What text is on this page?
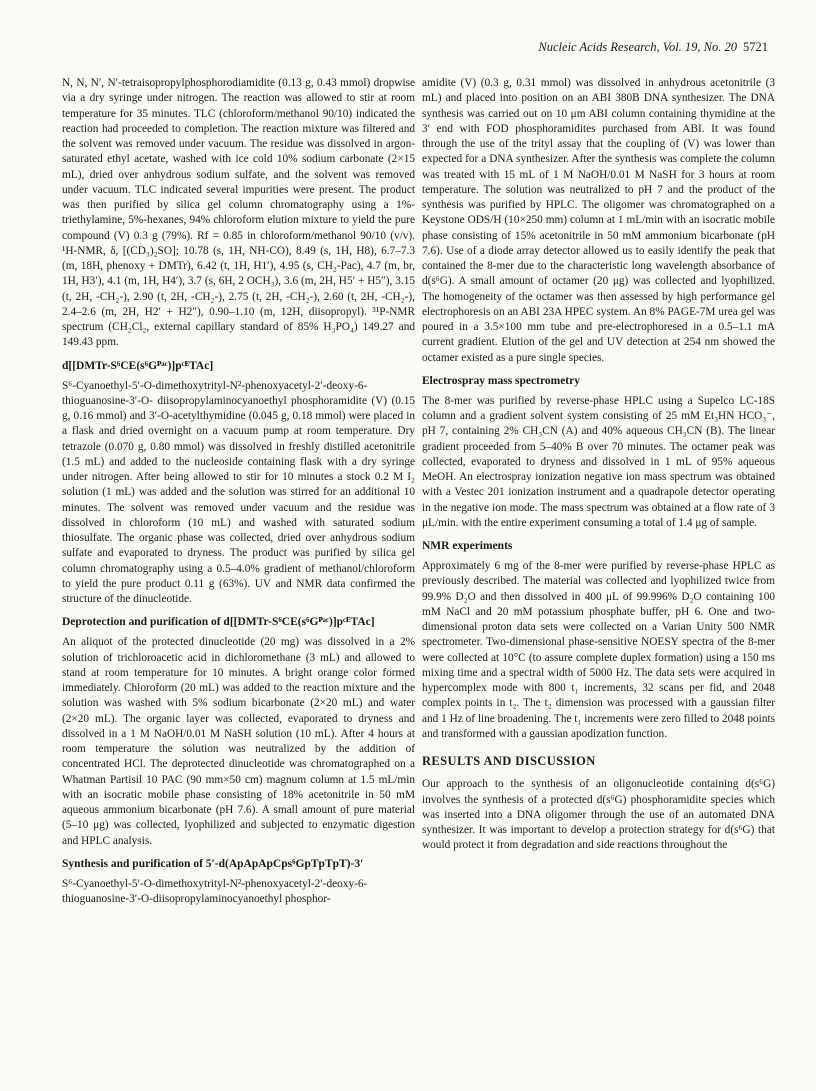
Nucleic Acids Research, Vol. 19, No. 20 5721

N, N, N′, N′-tetraisopropylphosphorodiamidite (0.13 g, 0.43 mmol) dropwise via a dry syringe under nitrogen. The reaction was allowed to stir at room temperature for 35 minutes. TLC (chloroform/methanol 90/10) indicated the reaction had proceeded to completion. The reaction mixture was filtered and the solvent was removed under vacuum. The residue was dissolved in argon-saturated ethyl acetate, washed with ice cold 10% sodium carbonate (2×15 mL), dried over anhydrous sodium sulfate, and the solvent was removed under vacuum. TLC indicated several impurities were present. The product was then purified by silica gel column chromatography using a 1%-triethylamine, 5%-hexanes, 94% chloroform elution mixture to yield the pure compound (V) 0.3 g (79%). Rf = 0.85 in chloroform/methanol 90/10 (v/v). ¹H-NMR, δ, [(CD₃)₂SO]; 10.78 (s, 1H, NH-CO), 8.49 (s, 1H, H8), 6.7–7.3 (m, 18H, phenoxy + DMTr), 6.42 (t, 1H, H1′), 4.95 (s, CH₂-Pac), 4.7 (m, br, 1H, H3′), 4.1 (m, 1H, H4′), 3.7 (s, 6H, 2 OCH₃), 3.6 (m, 2H, H5′ + H5″), 3.15 (t, 2H, -CH₂-), 2.90 (t, 2H, -CH₂-), 2.75 (t, 2H, -CH₂-), 2.60 (t, 2H, -CH₂-), 2.4–2.6 (m, 2H, H2′ + H2″), 0.90–1.10 (m, 12H, diisopropyl). ³¹P-NMR spectrum (CH₂Cl₂, external capillary standard of 85% H₃PO₄) 149.27 and 149.43 ppm.

d[[DMTr-S⁶CE(s⁶Gᴾᵃᶜ)]pᶜᴱTAc]

S⁶-Cyanoethyl-5′-O-dimethoxytrityl-N²-phenoxyacetyl-2′-deoxy-6-thioguanosine-3′-O- diisopropylaminocyanoethyl phosphoramidite (V) (0.15 g, 0.16 mmol) and 3′-O-acetylthymidine (0.045 g, 0.18 mmol) were placed in a flask and dried overnight on a vacuum pump at room temperature. Dry tetrazole (0.070 g, 0.80 mmol) was dissolved in freshly distilled acetonitrile (1.5 mL) and added to the nucleoside containing flask with a dry syringe under nitrogen. After being allowed to stir for 10 minutes a stock 0.2 M I₂ solution (1 mL) was added and the solution was stirred for an additional 10 minutes. The solvent was removed under vacuum and the residue was dissolved in chloroform (10 mL) and washed with saturated sodium thiosulfate. The organic phase was collected, dried over anhydrous sodium sulfate and evaporated to dryness. The product was purified by silica gel column chromatography using a 0.5–4.0% gradient of methanol/chloroform to yield the pure product 0.11 g (63%). UV and NMR data confirmed the structure of the dinucleotide.

Deprotection and purification of d[[DMTr-S⁶CE(s⁶Gᴾᵃᶜ)]pᶜᴱTAc]

An aliquot of the protected dinucleotide (20 mg) was dissolved in a 2% solution of trichloroacetic acid in dichloromethane (3 mL) and allowed to stand at room temperature for 10 minutes. A bright orange color formed immediately. Chloroform (20 mL) was added to the reaction mixture and the solution was washed with 5% sodium bicarbonate (2×20 mL) and water (2×20 mL). The organic layer was collected, evaporated to dryness and dissolved in a 1 M NaOH/0.01 M NaSH solution (10 mL). After 4 hours at room temperature the solution was neutralized by the addition of concentrated HCl. The deprotected dinucleotide was chromatographed on a Whatman Partisil 10 PAC (90 mm×50 cm) magnum column at 1.5 mL/min with an isocratic mobile phase consisting of 18% acetonitrile in 50 mM aqueous ammonium bicarbonate (pH 7.6). A small amount of pure material (5–10 μg) was collected, lyophilized and subjected to enzymatic digestion and HPLC analysis.

Synthesis and purification of 5′-d(ApApApCps⁶GpTpTpT)-3′

S⁶-Cyanoethyl-5′-O-dimethoxytrityl-N²-phenoxyacetyl-2′-deoxy-6-thioguanosine-3′-O-diisopropylaminocyanoethyl phosphor-

amidite (V) (0.3 g, 0.31 mmol) was dissolved in anhydrous acetonitrile (3 mL) and placed into position on an ABI 380B DNA synthesizer. The DNA synthesis was carried out on 10 μm ABI column containing thymidine at the 3′ end with FOD phosphoramidites purchased from ABI. It was found through the use of the trityl assay that the coupling of (V) was lower than expected for a DNA synthesizer. After the synthesis was complete the column was treated with 15 mL of 1 M NaOH/0.01 M NaSH for 3 hours at room temperature. The solution was neutralized to pH 7 and the product of the synthesis was purified by HPLC. The oligomer was chromatographed on a Keystone ODS/H (10×250 mm) column at 1 mL/min with an isocratic mobile phase consisting of 15% acetonitrile in 50 mM ammonium bicarbonate (pH 7.6). Use of a diode array detector allowed us to easily identify the peak that contained the 8-mer due to the characteristic long wavelength absorbance of d(s⁶G). A small amount of octamer (20 μg) was collected and lyophilized. The homogeneity of the octamer was then assessed by high performance gel electrophoresis on an ABI 23A HPEC system. An 8% PAGE-7M urea gel was poured in a 3.5×100 mm tube and pre-electrophoresed in a 0.5–1.1 mA current gradient. Elution of the gel and UV detection at 254 nm showed the octamer existed as a pure single species.

Electrospray mass spectrometry

The 8-mer was purified by reverse-phase HPLC using a Supelco LC-18S column and a gradient solvent system consisting of 25 mM Et₃HN HCO₃⁻, pH 7, containing 2% CH₃CN (A) and 40% aqueous CH₃CN (B). The linear gradient proceeded from 5–40% B over 70 minutes. The octamer peak was collected, evaporated to dryness and dissolved in 1 mL of 95% aqueous MeOH. An electrospray ionization negative ion mass spectrum was obtained with a Vestec 201 ionization instrument and a quadrapole detector operating in the negative ion mode. The mass spectrum was obtained at a flow rate of 3 μL/min. with the entire experiment consuming a total of 1.4 μg of sample.

NMR experiments

Approximately 6 mg of the 8-mer were purified by reverse-phase HPLC as previously described. The material was collected and lyophilized twice from 99.9% D₂O and then dissolved in 400 μL of 99.996% D₂O containing 100 mM NaCl and 20 mM potassium phosphate buffer, pH 6. One and two-dimensional proton data sets were collected on a Varian Unity 500 NMR spectrometer. Two-dimensional phase-sensitive NOESY spectra of the 8-mer were collected at 10°C (to assure complete duplex formation) using a 150 ms mixing time and a spectral width of 5000 Hz. The data sets were acquired in hypercomplex mode with 800 t₁ increments, 32 scans per fid, and 2048 complex points in t₂. The t₂ dimension was processed with a gaussian filter and 1 Hz of line broadening. The t₁ increments were zero filled to 2048 points and transformed with a gaussian apodization function.

RESULTS AND DISCUSSION

Our approach to the synthesis of an oligonucleotide containing d(s⁶G) involves the synthesis of a protected d(s⁶G) phosphoramidite species which was inserted into a DNA oligomer through the use of an automated DNA synthesizer. It was important to develop a protection strategy for d(s⁶G) that would protect it from degradation and side reactions throughout the
